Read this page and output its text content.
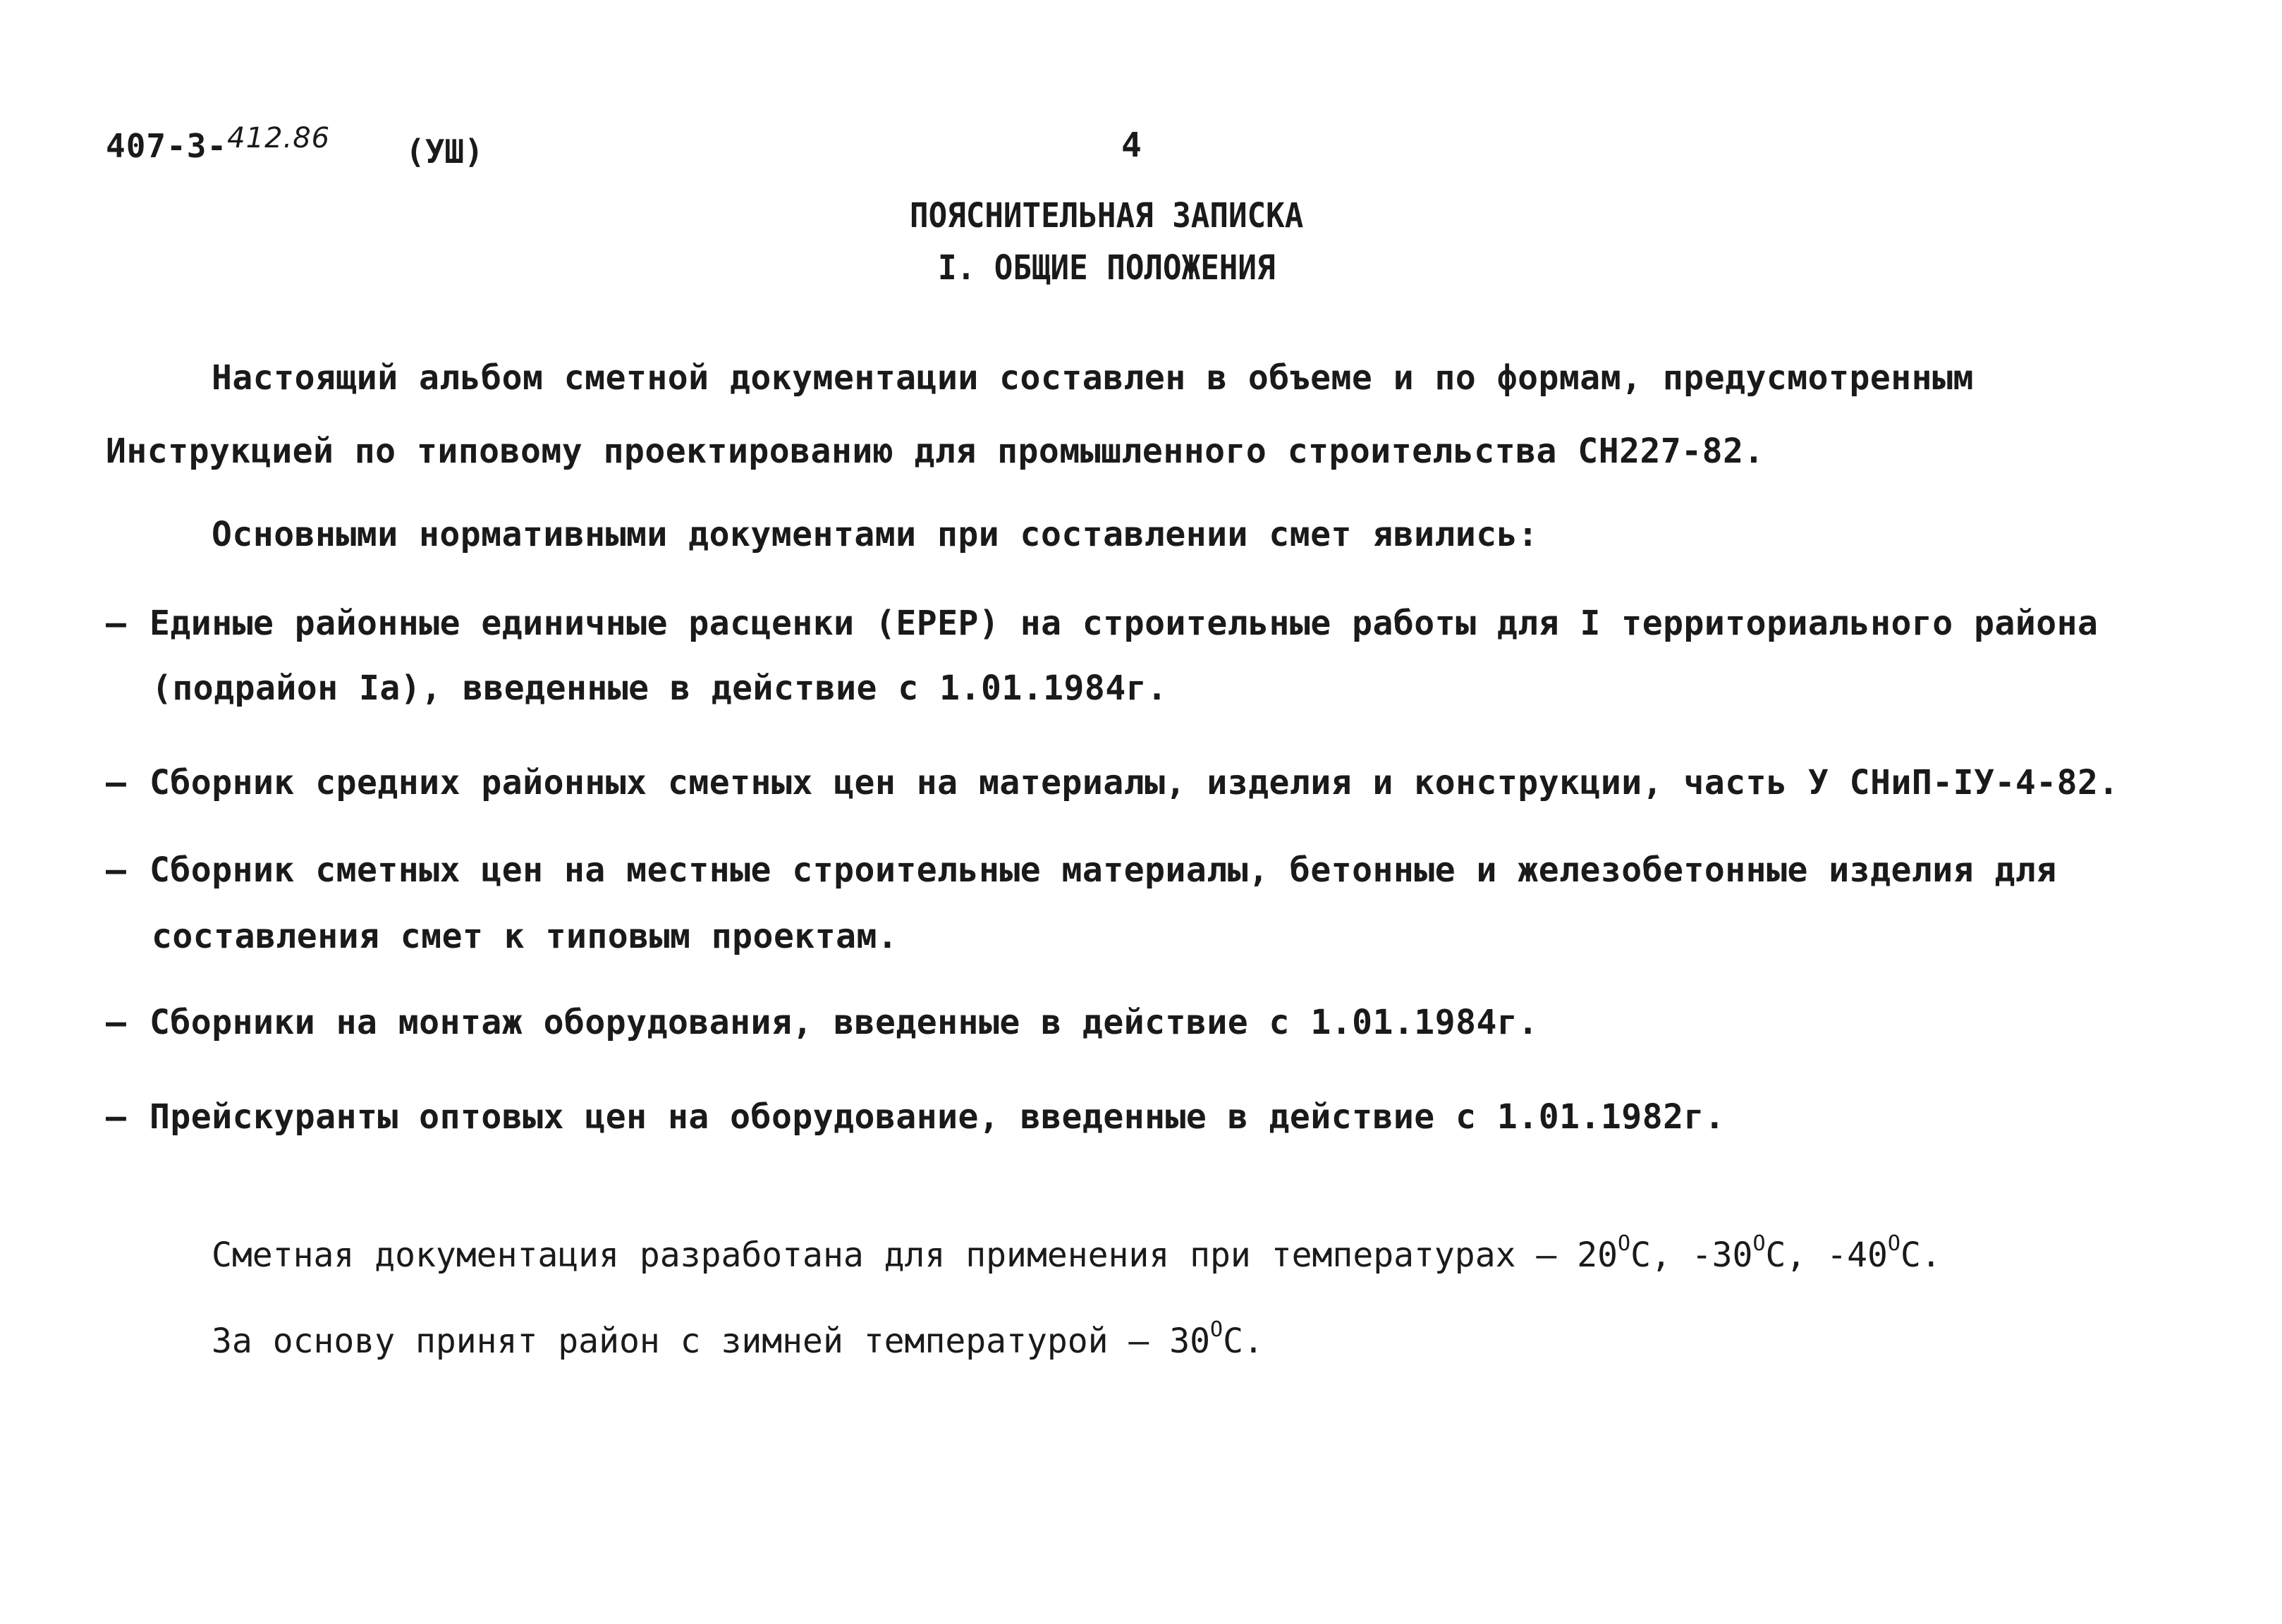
407-3-412.86 (УШ)	4
ПОЯСНИТЕЛЬНАЯ ЗАПИСКА
I. ОБЩИЕ ПОЛОЖЕНИЯ
Настоящий альбом сметной документации составлен в объеме и по формам, предусмотренным
Инструкцией по типовому проектированию для промышленного строительства СН227-82.
Основными нормативными документами при составлении смет явились:
– Единые районные единичные расценки (ЕРЕР) на строительные работы для I территориального района
(подрайон Iа), введенные в действие с 1.01.1984г.
– Сборник средних районных сметных цен на материалы, изделия и конструкции, часть У СНиП-IУ-4-82.
– Сборник сметных цен на местные строительные материалы, бетонные и железобетонные изделия для
составления смет к типовым проектам.
– Сборники на монтаж оборудования, введенные в действие с 1.01.1984г.
– Прейскуранты оптовых цен на оборудование, введенные в действие с 1.01.1982г.
Сметная документация разработана для применения при температурах – $20^ОС$, $-30^ОС$, $-40^ОС$.
За основу принят район с зимней температурой – $30^ОС$.
